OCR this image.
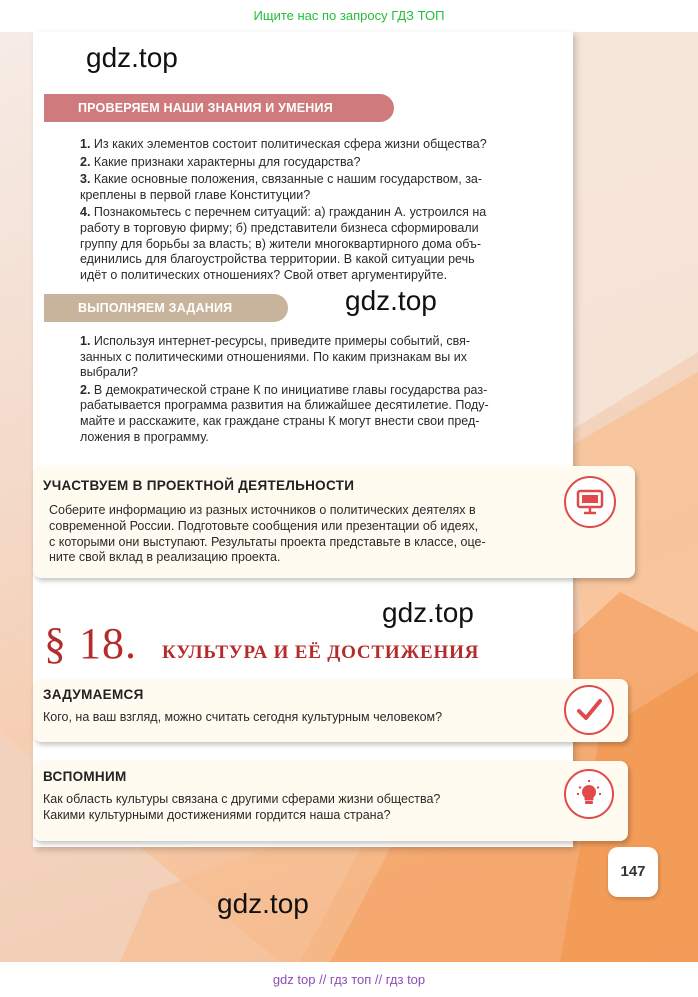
Ищите нас по запросу ГДЗ ТОП
gdz.top
ПРОВЕРЯЕМ НАШИ ЗНАНИЯ И УМЕНИЯ

1. Из каких элементов состоит политическая сфера жизни общества?

2. Какие признаки характерны для государства?

3. Какие основные положения, связанные с нашим государством, за-
креплены в первой главе Конституции?

4. Познакомьтесь с перечнем ситуаций: а) гражданин А. устроился на
работу в торговую фирму; б) представители бизнеса сформировали
группу для борьбы за власть; в) жители многоквартирного дома объ-
единились для благоустройства территории. В какой ситуации речь
идёт о политических отношениях? Свой ответ аргументируйте.

ВЫПОЛНЯЕМ ЗАДАНИЯ	gdz.top

1. Используя интернет-ресурсы, приведите примеры событий, свя-
занных с политическими отношениями. По каким признакам вы их
выбрали?

2. В демократической стране К по инициативе главы государства раз-
рабатывается программа развития на ближайшее десятилетие. Поду-
майте и расскажите, как граждане страны К могут внести свои пред-
ложения в программу.

УЧАСТВУЕМ В ПРОЕКТНОЙ ДЕЯТЕЛЬНОСТИ
Соберите информацию из разных источников о политических деятелях в
современной России. Подготовьте сообщения или презентации об идеях,
с которыми они выступают. Результаты проекта представьте в классе, оце-
ните свой вклад в реализацию проекта.
gdz.top
§ 18. КУЛЬТУРА И ЕЁ ДОСТИЖЕНИЯ
ЗАДУМАЕМСЯ
Кого, на ваш взгляд, можно считать сегодня культурным человеком?
ВСПОМНИМ
Как область культуры связана с другими сферами жизни общества?
Какими культурными достижениями гордится наша страна?
147
gdz.top
gdz top // гдз топ // гдз top
